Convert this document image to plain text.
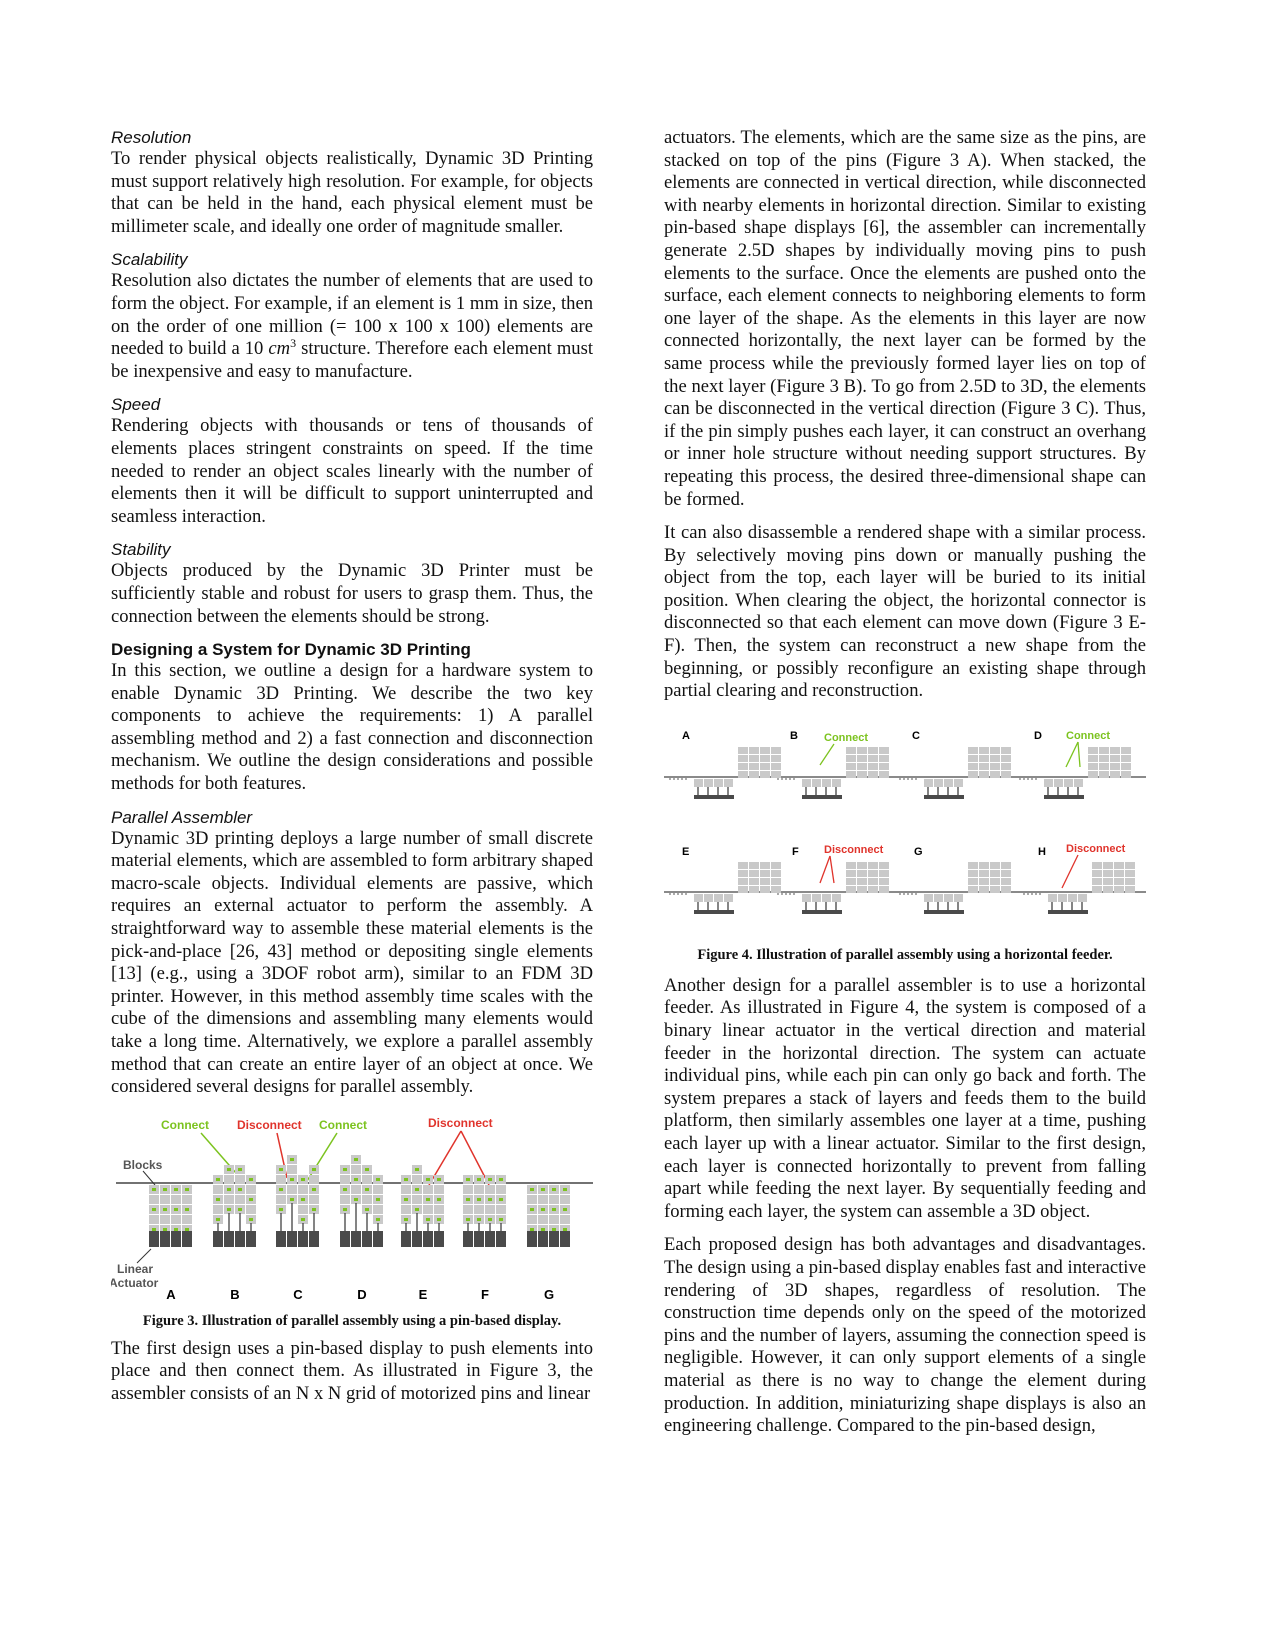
Resolution

To render physical objects realistically, Dynamic 3D Printing must support relatively high resolution. For example, for objects that can be held in the hand, each physical element must be millimeter scale, and ideally one order of magnitude smaller.

Scalability

Resolution also dictates the number of elements that are used to form the object. For example, if an element is 1 mm in size, then on the order of one million (= 100 x 100 x 100) elements are needed to build a 10 $cm^3$ structure. Therefore each element must be inexpensive and easy to manufacture.

Speed

Rendering objects with thousands or tens of thousands of elements places stringent constraints on speed. If the time needed to render an object scales linearly with the number of elements then it will be difficult to support uninterrupted and seamless interaction.

Stability

Objects produced by the Dynamic 3D Printer must be sufficiently stable and robust for users to grasp them. Thus, the connection between the elements should be strong.

Designing a System for Dynamic 3D Printing

In this section, we outline a design for a hardware system to enable Dynamic 3D Printing. We describe the two key components to achieve the requirements: 1) A parallel assembling method and 2) a fast connection and disconnection mechanism. We outline the design considerations and possible methods for both features.

Parallel Assembler

Dynamic 3D printing deploys a large number of small discrete material elements, which are assembled to form arbitrary shaped macro-scale objects. Individual elements are passive, which requires an external actuator to perform the assembly. A straightforward way to assemble these material elements is the pick-and-place [26, 43] method or depositing single elements [13] (e.g., using a 3DOF robot arm), similar to an FDM 3D printer. However, in this method assembly time scales with the cube of the dimensions and assembling many elements would take a long time. Alternatively, we explore a parallel assembly method that can create an entire layer of an object at once. We considered several designs for parallel assembly.

Connect Disconnect Connect	Disconnect
Blocks
Linear
Actuator
A	B	C	D	E	F	G
Figure 3. Illustration of parallel assembly using a pin-based display.

The first design uses a pin-based display to push elements into place and then connect them. As illustrated in Figure 3, the assembler consists of an N x N grid of motorized pins and linear

actuators. The elements, which are the same size as the pins, are stacked on top of the pins (Figure 3 A). When stacked, the elements are connected in vertical direction, while disconnected with nearby elements in horizontal direction. Similar to existing pin-based shape displays [6], the assembler can incrementally generate 2.5D shapes by individually moving pins to push elements to the surface. Once the elements are pushed onto the surface, each element connects to neighboring elements to form one layer of the shape. As the elements in this layer are now connected horizontally, the next layer can be formed by the same process while the previously formed layer lies on top of the next layer (Figure 3 B). To go from 2.5D to 3D, the elements can be disconnected in the vertical direction (Figure 3 C). Thus, if the pin simply pushes each layer, it can construct an overhang or inner hole structure without needing support structures. By repeating this process, the desired three-dimensional shape can be formed.

It can also disassemble a rendered shape with a similar process. By selectively moving pins down or manually pushing the object from the top, each layer will be buried to its initial position. When clearing the object, the horizontal connector is disconnected so that each element can move down (Figure 3 E-F). Then, the system can reconstruct a new shape from the beginning, or possibly reconfigure an existing shape through partial clearing and reconstruction.

A	B	C	D
Connect	Connect
E	F	G	H
Disconnect	Disconnect
Figure 4. Illustration of parallel assembly using a horizontal feeder.

Another design for a parallel assembler is to use a horizontal feeder. As illustrated in Figure 4, the system is composed of a binary linear actuator in the vertical direction and material feeder in the horizontal direction. The system can actuate individual pins, while each pin can only go back and forth. The system prepares a stack of layers and feeds them to the build platform, then similarly assembles one layer at a time, pushing each layer up with a linear actuator. Similar to the first design, each layer is connected horizontally to prevent from falling apart while feeding the next layer. By sequentially feeding and forming each layer, the system can assemble a 3D object.

Each proposed design has both advantages and disadvantages. The design using a pin-based display enables fast and interactive rendering of 3D shapes, regardless of resolution. The construction time depends only on the speed of the motorized pins and the number of layers, assuming the connection speed is negligible. However, it can only support elements of a single material as there is no way to change the element during production. In addition, miniaturizing shape displays is also an engineering challenge. Compared to the pin-based design,
